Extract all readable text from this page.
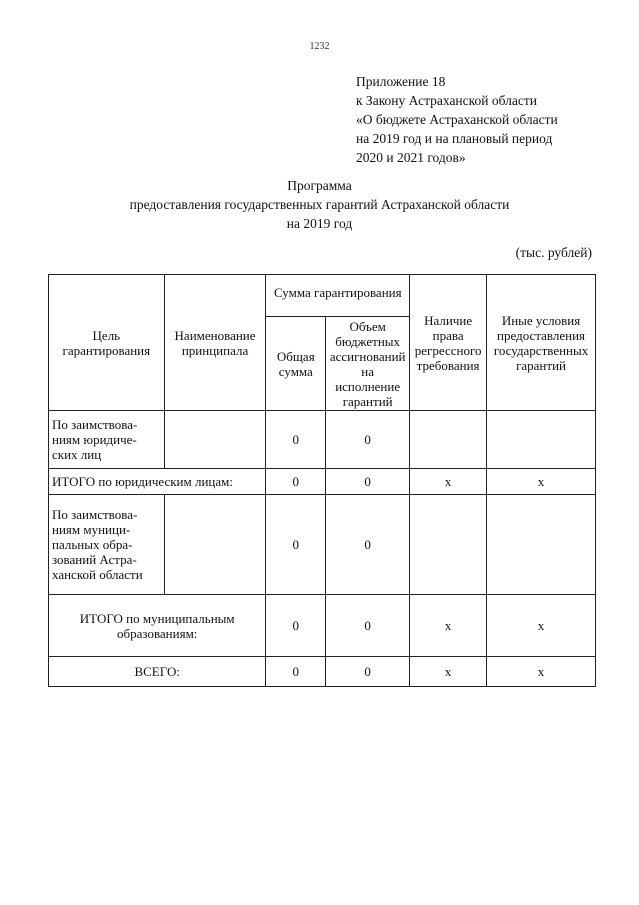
1232
Приложение 18
к Закону Астраханской области
«О бюджете Астраханской области
на 2019 год и на плановый период
2020 и 2021 годов»
Программа
предоставления государственных гарантий Астраханской области
на 2019 год
(тыс. рублей)
Цель гарантирования	Наименование принципала	Сумма гарантирования		Наличие права регрессного требования	Иные условия предоставления государственных гарантий
		Общая сумма	Объем бюджетных ассигнований на исполнение гарантий		
По заимствова-ниям юридиче-ских лиц		0	0		
ИТОГО по юридическим лицам:		0	0	x	x
По заимствова-ниям муници-пальных обра-зований Астра-ханской области		0	0		
ИТОГО по муниципальным образованиям:		0	0	x	x
ВСЕГО:		0	0	x	x
